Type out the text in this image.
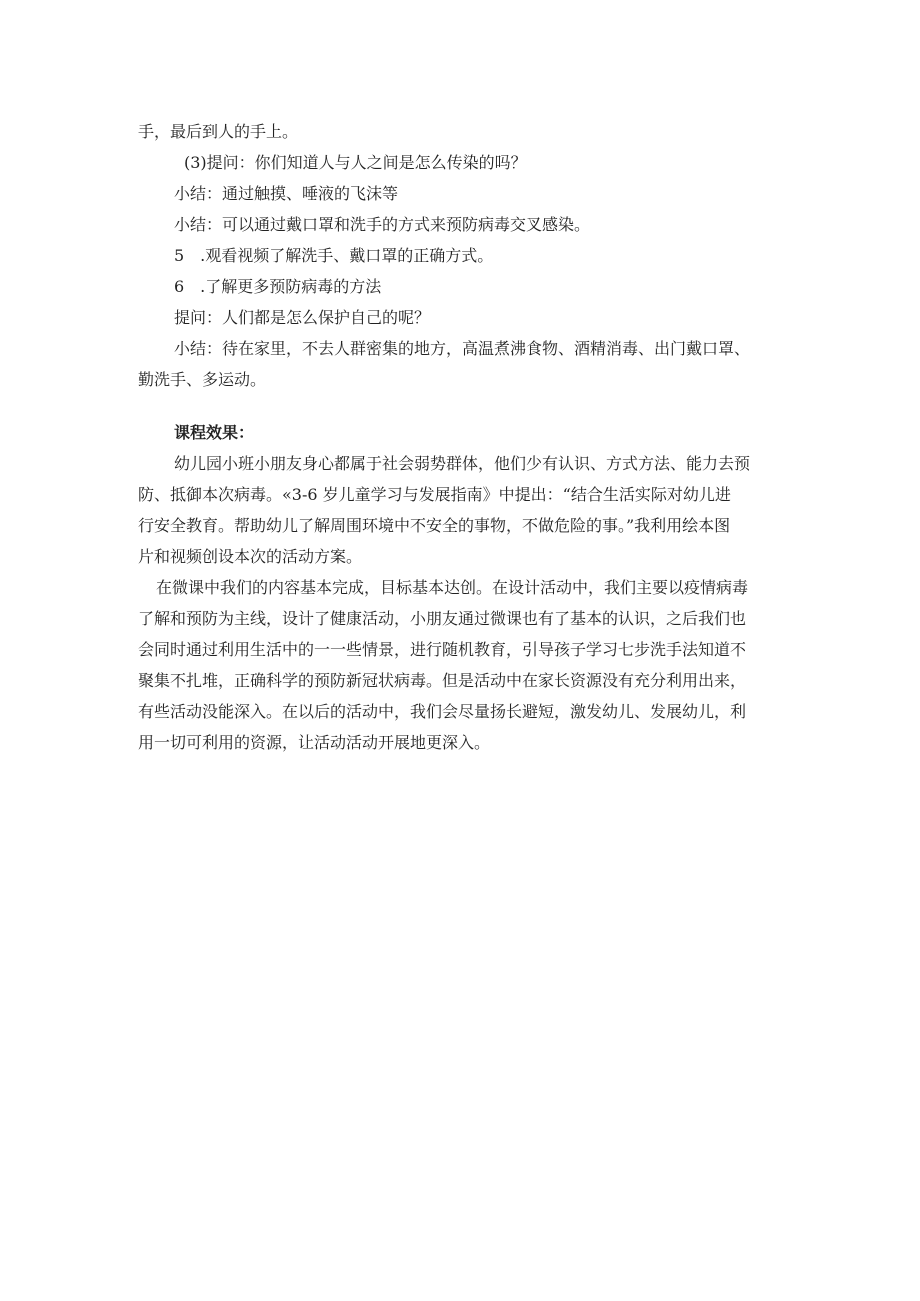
手，最后到人的手上。
(3)提问：你们知道人与人之间是怎么传染的吗？
小结：通过触摸、唾液的飞沫等
小结：可以通过戴口罩和洗手的方式来预防病毒交叉感染。
5　.观看视频了解洗手、戴口罩的正确方式。
6　.了解更多预防病毒的方法
提问：人们都是怎么保护自己的呢？
小结：待在家里，不去人群密集的地方，高温煮沸食物、酒精消毒、出门戴口罩、
勤洗手、多运动。
课程效果：
幼儿园小班小朋友身心都属于社会弱势群体，他们少有认识、方式方法、能力去预
防、抵御本次病毒。«3-6 岁儿童学习与发展指南》中提出：“结合生活实际对幼儿进
行安全教育。帮助幼儿了解周围环境中不安全的事物，不做危险的事。”我利用绘本图
片和视频创设本次的活动方案。
在微课中我们的内容基本完成，目标基本达创。在设计活动中，我们主要以疫情病毒
了解和预防为主线，设计了健康活动，小朋友通过微课也有了基本的认识，之后我们也
会同时通过利用生活中的一一些情景，进行随机教育，引导孩子学习七步洗手法知道不
聚集不扎堆，正确科学的预防新冠状病毒。但是活动中在家长资源没有充分利用出来，
有些活动没能深入。在以后的活动中，我们会尽量扬长避短，激发幼儿、发展幼儿，利
用一切可利用的资源，让活动活动开展地更深入。
